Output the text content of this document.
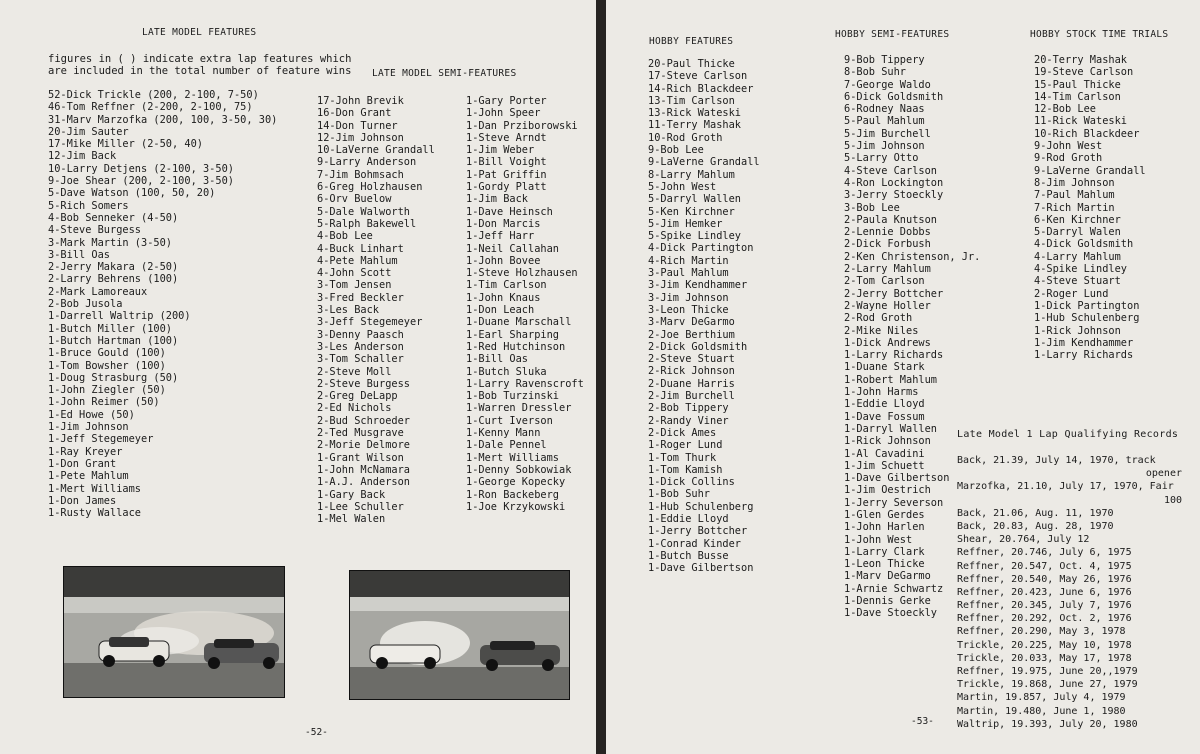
LATE MODEL FEATURES
figures in ( ) indicate extra lap features which
are included in the total number of feature wins LATE MODEL SEMI-FEATURES
52-Dick Trickle (200, 2-100, 7-50)
46-Tom Reffner (2-200, 2-100, 75)
31-Marv Marzofka (200, 100, 3-50, 30)
20-Jim Sauter
17-Mike Miller (2-50, 40)
12-Jim Back
10-Larry Detjens (2-100, 3-50)
9-Joe Shear (200, 2-100, 3-50)
5-Dave Watson (100, 50, 20)
5-Rich Somers
4-Bob Senneker (4-50)
4-Steve Burgess
3-Mark Martin (3-50)
3-Bill Oas
2-Jerry Makara (2-50)
2-Larry Behrens (100)
2-Mark Lamoreaux
2-Bob Jusola
1-Darrell Waltrip (200)
1-Butch Miller (100)
1-Butch Hartman (100)
1-Bruce Gould (100)
1-Tom Bowsher (100)
1-Doug Strasburg (50)
1-John Ziegler (50)
1-John Reimer (50)
1-Ed Howe (50)
1-Jim Johnson
1-Jeff Stegemeyer
1-Ray Kreyer
1-Don Grant
1-Pete Mahlum
1-Mert Williams
1-Don James
1-Rusty Wallace
17-John Brevik
16-Don Grant
14-Don Turner
12-Jim Johnson
10-LaVerne Grandall
9-Larry Anderson
7-Jim Bohmsach
6-Greg Holzhausen
6-Orv Buelow
5-Dale Walworth
5-Ralph Bakewell
4-Bob Lee
4-Buck Linhart
4-Pete Mahlum
4-John Scott
3-Tom Jensen
3-Fred Beckler
3-Les Back
3-Jeff Stegemeyer
3-Denny Paasch
3-Les Anderson
3-Tom Schaller
2-Steve Moll
2-Steve Burgess
2-Greg DeLapp
2-Ed Nichols
2-Bud Schroeder
2-Ted Musgrave
2-Morie Delmore
1-Grant Wilson
1-John McNamara
1-A.J. Anderson
1-Gary Back
1-Lee Schuller
1-Mel Walen
1-Gary Porter
1-John Speer
1-Dan Prziborowski
1-Steve Arndt
1-Jim Weber
1-Bill Voight
1-Pat Griffin
1-Gordy Platt
1-Jim Back
1-Dave Heinsch
1-Don Marcis
1-Jeff Harr
1-Neil Callahan
1-John Bovee
1-Steve Holzhausen
1-Tim Carlson
1-John Knaus
1-Don Leach
1-Duane Marschall
1-Earl Sharping
1-Red Hutchinson
1-Bill Oas
1-Butch Sluka
1-Larry Ravenscroft
1-Bob Turzinski
1-Warren Dressler
1-Curt Iverson
1-Kenny Mann
1-Dale Pennel
1-Mert Williams
1-Denny Sobkowiak
1-George Kopecky
1-Ron Backeberg
1-Joe Krzykowski
-52-
HOBBY FEATURES
HOBBY SEMI-FEATURES	HOBBY STOCK TIME TRIALS
20-Paul Thicke
17-Steve Carlson
14-Rich Blackdeer
13-Tim Carlson
13-Rick Wateski
11-Terry Mashak
10-Rod Groth
9-Bob Lee
9-LaVerne Grandall
8-Larry Mahlum
5-John West
5-Darryl Wallen
5-Ken Kirchner
5-Jim Hemker
5-Spike Lindley
4-Dick Partington
4-Rich Martin
3-Paul Mahlum
3-Jim Kendhammer
3-Jim Johnson
3-Leon Thicke
3-Marv DeGarmo
2-Joe Berthium
2-Dick Goldsmith
2-Steve Stuart
2-Rick Johnson
2-Duane Harris
2-Jim Burchell
2-Bob Tippery
2-Randy Viner
2-Dick Ames
1-Roger Lund
1-Tom Thurk
1-Tom Kamish
1-Dick Collins
1-Bob Suhr
1-Hub Schulenberg
1-Eddie Lloyd
1-Jerry Bottcher
1-Conrad Kinder
1-Butch Busse
1-Dave Gilbertson
9-Bob Tippery
8-Bob Suhr
7-George Waldo
6-Dick Goldsmith
6-Rodney Naas
5-Paul Mahlum
5-Jim Burchell
5-Jim Johnson
5-Larry Otto
4-Steve Carlson
4-Ron Lockington
3-Jerry Stoeckly
3-Bob Lee
2-Paula Knutson
2-Lennie Dobbs
2-Dick Forbush
2-Ken Christenson, Jr.
2-Larry Mahlum
2-Tom Carlson
2-Jerry Bottcher
2-Wayne Holler
2-Rod Groth
2-Mike Niles
1-Dick Andrews
1-Larry Richards
1-Duane Stark
1-Robert Mahlum
1-John Harms
1-Eddie Lloyd
1-Dave Fossum
1-Darryl Wallen
1-Rick Johnson
1-Al Cavadini
1-Jim Schuett
1-Dave Gilbertson
1-Jim Oestrich
1-Jerry Severson
1-Glen Gerdes
1-John Harlen
1-John West
1-Larry Clark
1-Leon Thicke
1-Marv DeGarmo
1-Arnie Schwartz
1-Dennis Gerke
1-Dave Stoeckly
20-Terry Mashak
19-Steve Carlson
15-Paul Thicke
14-Tim Carlson
12-Bob Lee
11-Rick Wateski
10-Rich Blackdeer
9-John West
9-Rod Groth
9-LaVerne Grandall
8-Jim Johnson
7-Paul Mahlum
7-Rich Martin
6-Ken Kirchner
5-Darryl Walen
4-Dick Goldsmith
4-Larry Mahlum
4-Spike Lindley
4-Steve Stuart
2-Roger Lund
1-Dick Partington
1-Hub Schulenberg
1-Rick Johnson
1-Jim Kendhammer
1-Larry Richards
Late Model 1 Lap Qualifying Records
Back, 21.39, July 14, 1970, track
opener
Marzofka, 21.10, July 17, 1970, Fair
100
Back, 21.06, Aug. 11, 1970
Back, 20.83, Aug. 28, 1970
Shear, 20.764, July 12
Reffner, 20.746, July 6, 1975
Reffner, 20.547, Oct. 4, 1975
Reffner, 20.540, May 26, 1976
Reffner, 20.423, June 6, 1976
Reffner, 20.345, July 7, 1976
Reffner, 20.292, Oct. 2, 1976
Reffner, 20.290, May 3, 1978
Trickle, 20.225, May 10, 1978
Trickle, 20.033, May 17, 1978
Reffner, 19.975, June 20,,1979
Trickle, 19.868, June 27, 1979
Martin, 19.857, July 4, 1979
Martin, 19.480, June 1, 1980
Waltrip, 19.393, July 20, 1980
-53-
